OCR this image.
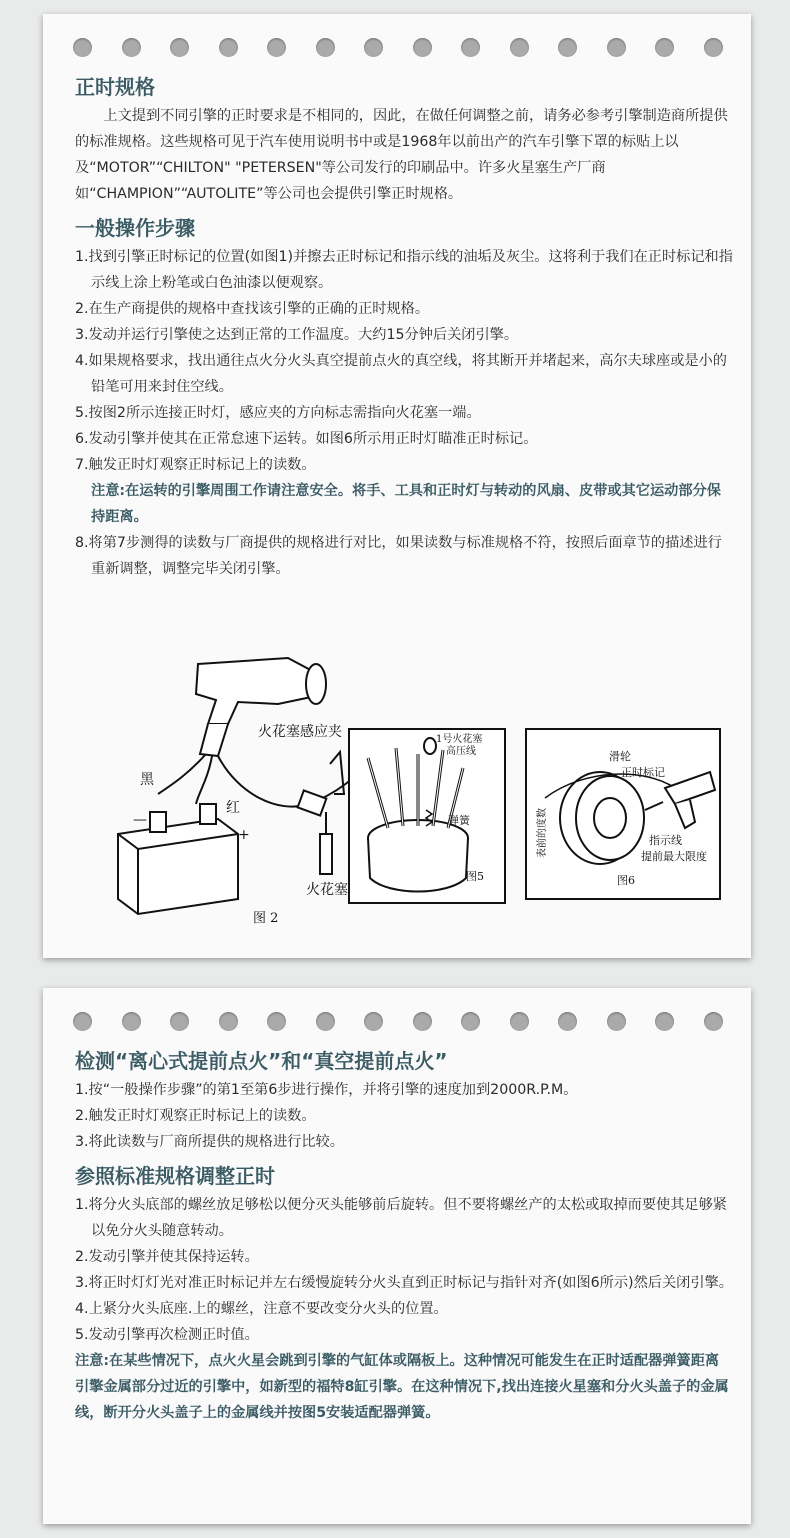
正时规格

上文提到不同引擎的正时要求是不相同的，因此，在做任何调整之前，请务必参考引擎制造商所提供的标准规格。这些规格可见于汽车使用说明书中或是1968年以前出产的汽车引擎下罩的标贴上以及“MOTOR”“CHILTON" "PETERSEN"等公司发行的印刷品中。许多火星塞生产厂商如“CHAMPION”“AUTOLITE”等公司也会提供引擎正时规格。

一般操作步骤
1.找到引擎正时标记的位置(如图1)并擦去正时标记和指示线的油垢及灰尘。这将利于我们在正时标记和指示线上涂上粉笔或白色油漆以便观察。
2.在生产商提供的规格中查找该引擎的正确的正时规格。
3.发动并运行引擎使之达到正常的工作温度。大约15分钟后关闭引擎。
4.如果规格要求，找出通往点火分火头真空提前点火的真空线，将其断开并堵起来，高尔夫球座或是小的铅笔可用来封住空线。
5.按图2所示连接正时灯，感应夹的方向标志需指向火花塞一端。
6.发动引擎并使其在正常怠速下运转。如图6所示用正时灯瞄准正时标记。
7.触发正时灯观察正时标记上的读数。
注意:在运转的引擎周围工作请注意安全。将手、工具和正时灯与转动的风扇、皮带或其它运动部分保持距离。
8.将第7步测得的读数与厂商提供的规格进行对比，如果读数与标准规格不符，按照后面章节的描述进行重新调整，调整完毕关闭引擎。
火花塞感应夹
黑
红
+
—
火花塞
图 2
1号火花塞
高压线
弹簧
图5
滑轮
正时标记
指示线
提前最大限度
表前的度数
图6
检测“离心式提前点火”和“真空提前点火”
1.按“一般操作步骤”的第1至第6步进行操作，并将引擎的速度加到2000R.P.M。
2.触发正时灯观察正时标记上的读数。
3.将此读数与厂商所提供的规格进行比较。
参照标准规格调整正时
1.将分火头底部的螺丝放足够松以便分灭头能够前后旋转。但不要将螺丝产的太松或取掉而要使其足够紧以免分火头随意转动。
2.发动引擎并使其保持运转。
3.将正时灯灯光对准正时标记并左右缓慢旋转分火头直到正时标记与指针对齐(如图6所示)然后关闭引擎。
4.上紧分火头底座.上的螺丝，注意不要改变分火头的位置。
5.发动引擎再次检测正时值。
注意:在某些情况下，点火火星会跳到引擎的气缸体或隔板上。这种情况可能发生在正时适配器弹簧距离引擎金属部分过近的引擎中，如新型的福特8缸引擎。在这种情况下,找出连接火星塞和分火头盖子的金属线，断开分火头盖子上的金属线并按图5安装适配器弹簧。
